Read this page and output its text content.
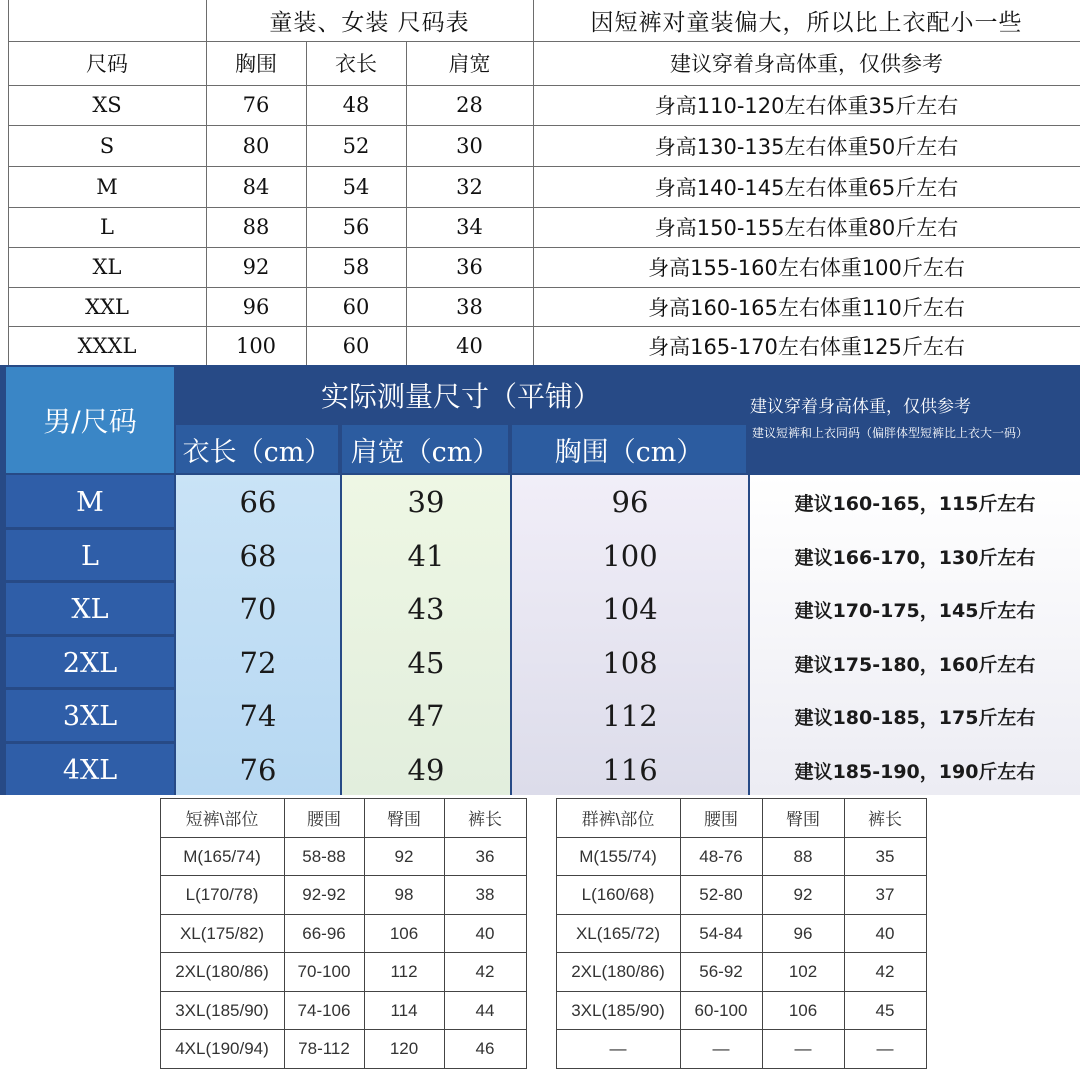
童装、女装 尺码表	因短裤对童装偏大，所以比上衣配小一些
尺码	胸围	衣长	肩宽	建议穿着身高体重，仅供参考
XS	76	48	28	身高110-120左右体重35斤左右
S	80	52	30	身高130-135左右体重50斤左右
M	84	54	32	身高140-145左右体重65斤左右
L	88	56	34	身高150-155左右体重80斤左右
XL	92	58	36	身高155-160左右体重100斤左右
XXL	96	60	38	身高160-165左右体重110斤左右
XXXL	100	60	40	身高165-170左右体重125斤左右
男/尺码
实际测量尺寸（平铺）
衣长（cm） 肩宽（cm）	胸围（cm）
建议穿着身高体重，仅供参考
建议短裤和上衣同码（偏胖体型短裤比上衣大一码）
M	66	39	96	建议160-165，115斤左右
L	68	41	100	建议166-170，130斤左右
XL	70	43	104	建议170-175，145斤左右
2XL	72	45	108	建议175-180，160斤左右
3XL	74	47	112	建议180-185，175斤左右
4XL	76	49	116	建议185-190，190斤左右
短裤\部位	腰围	臀围	裤长
M(165/74)	58-88	92	36
L(170/78)	92-92	98	38
XL(175/82)	66-96	106	40
2XL(180/86)	70-100	112	42
3XL(185/90)	74-106	114	44
4XL(190/94)	78-112	120	46
群裤\部位	腰围	臀围	裤长
M(155/74)	48-76	88	35
L(160/68)	52-80	92	37
XL(165/72)	54-84	96	40
2XL(180/86)	56-92	102	42
3XL(185/90)	60-100	106	45
—	—	—	—
